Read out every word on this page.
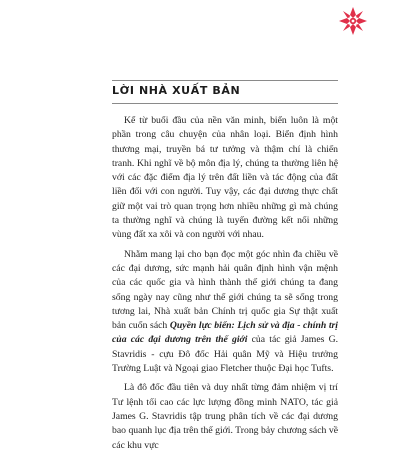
LỜI NHÀ XUẤT BẢN

Kể từ buổi đầu của nền văn minh, biển luôn là một phần trong câu chuyện của nhân loại. Biển định hình thương mại, truyền bá tư tưởng và thậm chí là chiến tranh. Khi nghĩ về bộ môn địa lý, chúng ta thường liên hệ với các đặc điểm địa lý trên đất liền và tác động của đất liền đối với con người. Tuy vậy, các đại dương thực chất giữ một vai trò quan trọng hơn nhiều những gì mà chúng ta thường nghĩ và chúng là tuyến đường kết nối những vùng đất xa xôi và con người với nhau.

Nhằm mang lại cho bạn đọc một góc nhìn đa chiều về các đại dương, sức mạnh hải quân định hình vận mệnh của các quốc gia và hình thành thế giới chúng ta đang sống ngày nay cũng như thế giới chúng ta sẽ sống trong tương lai, Nhà xuất bản Chính trị quốc gia Sự thật xuất bản cuốn sách Quyền lực biển: Lịch sử và địa - chính trị của các đại dương trên thế giới của tác giả James G. Stavridis - cựu Đô đốc Hải quân Mỹ và Hiệu trưởng Trường Luật và Ngoại giao Fletcher thuộc Đại học Tufts.

Là đô đốc đầu tiên và duy nhất từng đảm nhiệm vị trí Tư lệnh tối cao các lực lượng đồng minh NATO, tác giả James G. Stavridis tập trung phân tích về các đại dương bao quanh lục địa trên thế giới. Trong bảy chương sách về các khu vực
